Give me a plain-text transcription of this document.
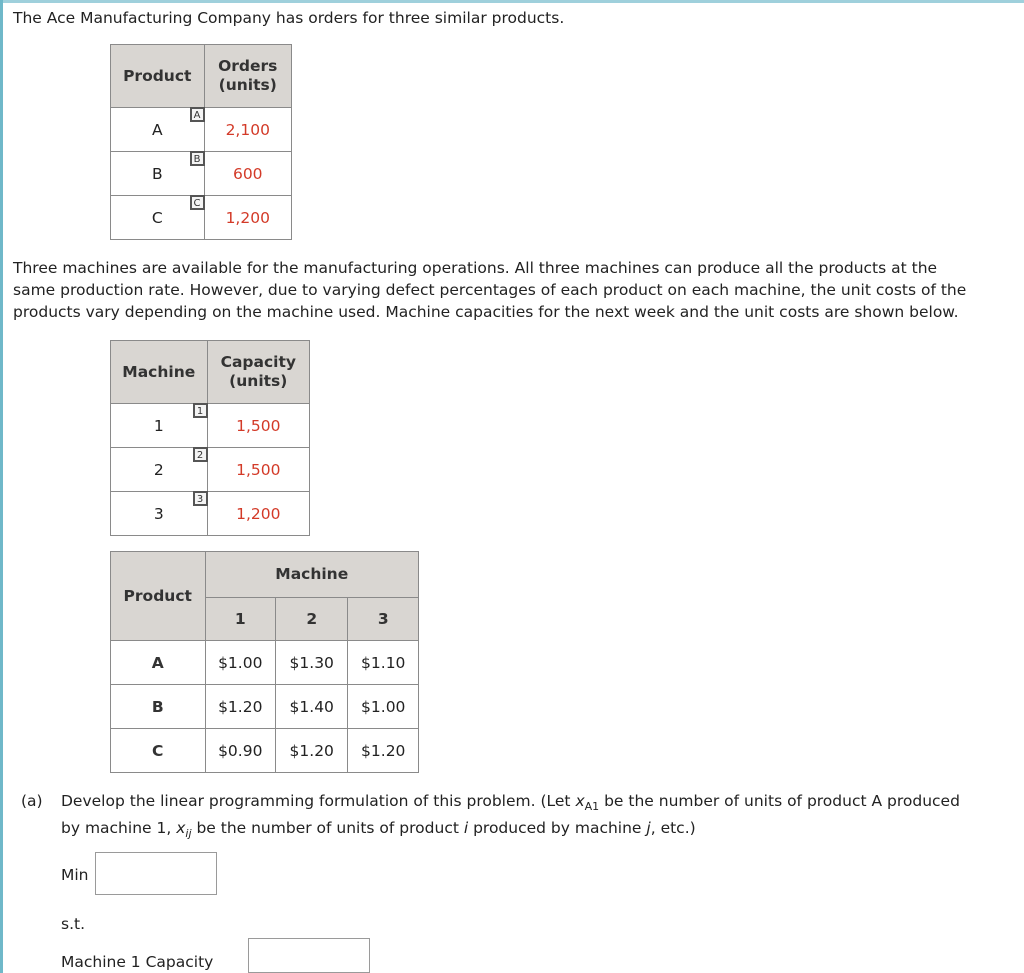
The Ace Manufacturing Company has orders for three similar products.

Product	Orders
(units)

A
A	2,100
B
B	600
C
C	1,200

Three machines are available for the manufacturing operations. All three machines can produce all the products at the

same production rate. However, due to varying defect percentages of each product on each machine, the unit costs of the

products vary depending on the machine used. Machine capacities for the next week and the unit costs are shown below.

Machine	Capacity
(units)

1
1	1,500
2
2	1,500
3
3	1,200
Product	Machine		
	1	2	3
A	$1.00	$1.30	$1.10
B	$1.20	$1.40	$1.00
C	$0.90	$1.20	$1.20

(a) Develop the linear programming formulation of this problem. (Let $x_{A1}$ be the number of units of product A produced

by machine 1, $x_{ij}$ be the number of units of product i produced by machine j, etc.)

Min

s.t.

Machine 1 Capacity
